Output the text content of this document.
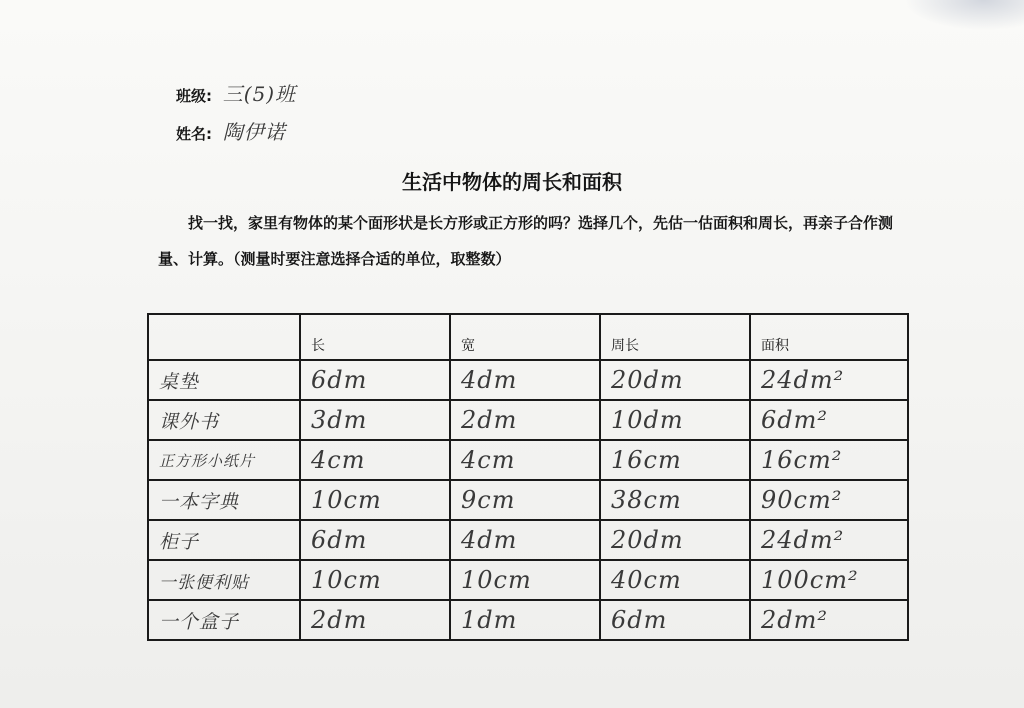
班级: 三(5)班
姓名: 陶伊诺
生活中物体的周长和面积
找一找，家里有物体的某个面形状是长方形或正方形的吗？选择几个，先估一估面积和周长，再亲子合作测量、计算。（测量时要注意选择合适的单位，取整数）
	长	宽	周长	面积
桌垫	6dm	4dm	20dm	24dm²
课外书	3dm	2dm	10dm	6dm²
正方形小纸片	4cm	4cm	16cm	16cm²
一本字典	10cm	9cm	38cm	90cm²
柜子	6dm	4dm	20dm	24dm²
一张便利贴	10cm	10cm	40cm	100cm²
一个盒子	2dm	1dm	6dm	2dm²
